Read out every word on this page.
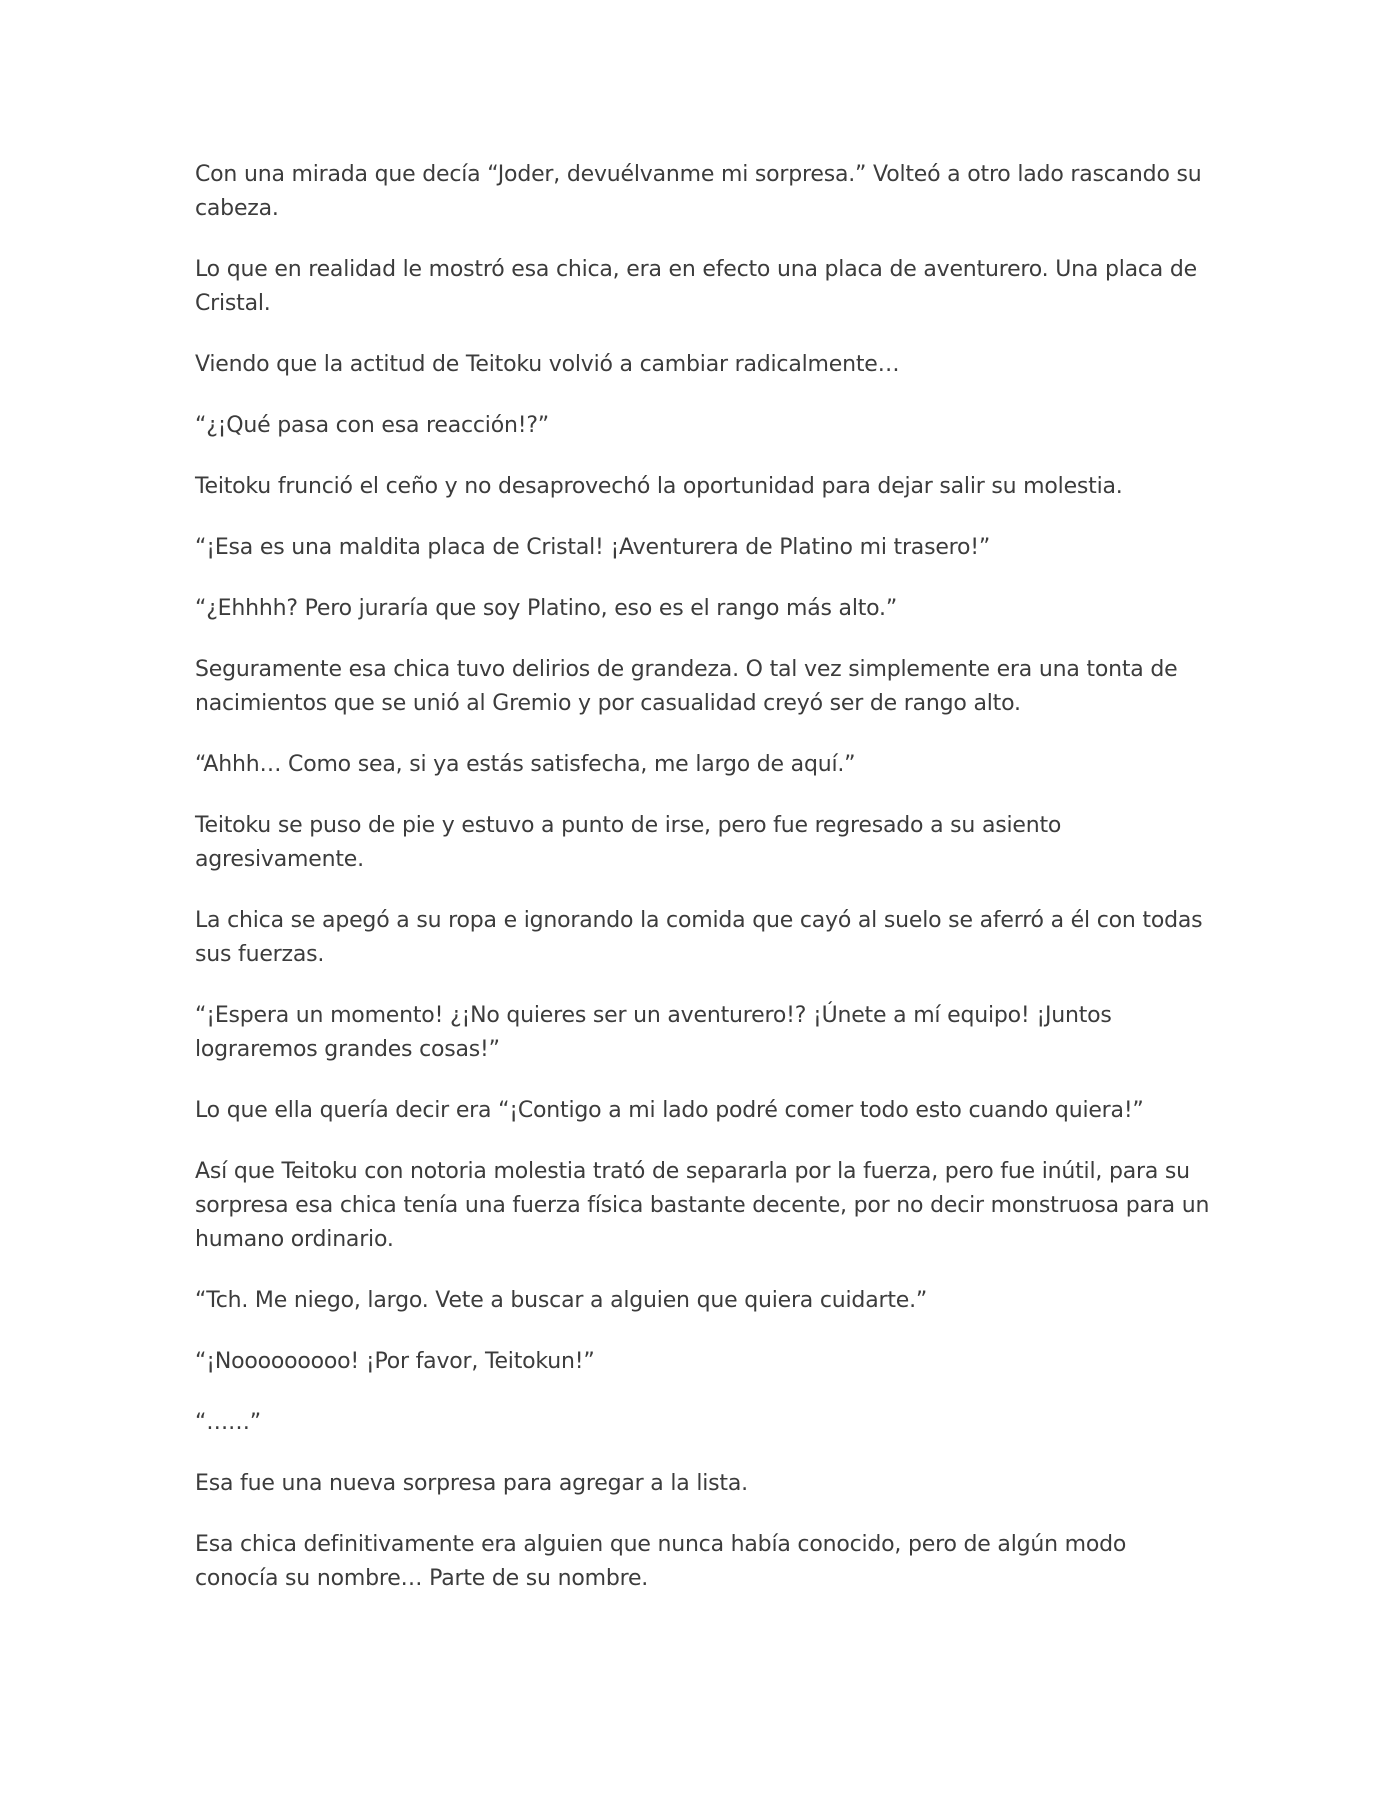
Con una mirada que decía “Joder, devuélvanme mi sorpresa.” Volteó a otro lado rascando su cabeza.

Lo que en realidad le mostró esa chica, era en efecto una placa de aventurero. Una placa de Cristal.

Viendo que la actitud de Teitoku volvió a cambiar radicalmente…

“¿¡Qué pasa con esa reacción!?”

Teitoku frunció el ceño y no desaprovechó la oportunidad para dejar salir su molestia.

“¡Esa es una maldita placa de Cristal! ¡Aventurera de Platino mi trasero!”

“¿Ehhhh? Pero juraría que soy Platino, eso es el rango más alto.”

Seguramente esa chica tuvo delirios de grandeza. O tal vez simplemente era una tonta de nacimientos que se unió al Gremio y por casualidad creyó ser de rango alto.

“Ahhh… Como sea, si ya estás satisfecha, me largo de aquí.”

Teitoku se puso de pie y estuvo a punto de irse, pero fue regresado a su asiento agresivamente.

La chica se apegó a su ropa e ignorando la comida que cayó al suelo se aferró a él con todas sus fuerzas.

“¡Espera un momento! ¿¡No quieres ser un aventurero!? ¡Únete a mí equipo! ¡Juntos lograremos grandes cosas!”

Lo que ella quería decir era “¡Contigo a mi lado podré comer todo esto cuando quiera!”

Así que Teitoku con notoria molestia trató de separarla por la fuerza, pero fue inútil, para su sorpresa esa chica tenía una fuerza física bastante decente, por no decir monstruosa para un humano ordinario.

“Tch. Me niego, largo. Vete a buscar a alguien que quiera cuidarte.”

“¡Nooooooooo! ¡Por favor, Teitokun!”

“……”

Esa fue una nueva sorpresa para agregar a la lista.

Esa chica definitivamente era alguien que nunca había conocido, pero de algún modo conocía su nombre… Parte de su nombre.
